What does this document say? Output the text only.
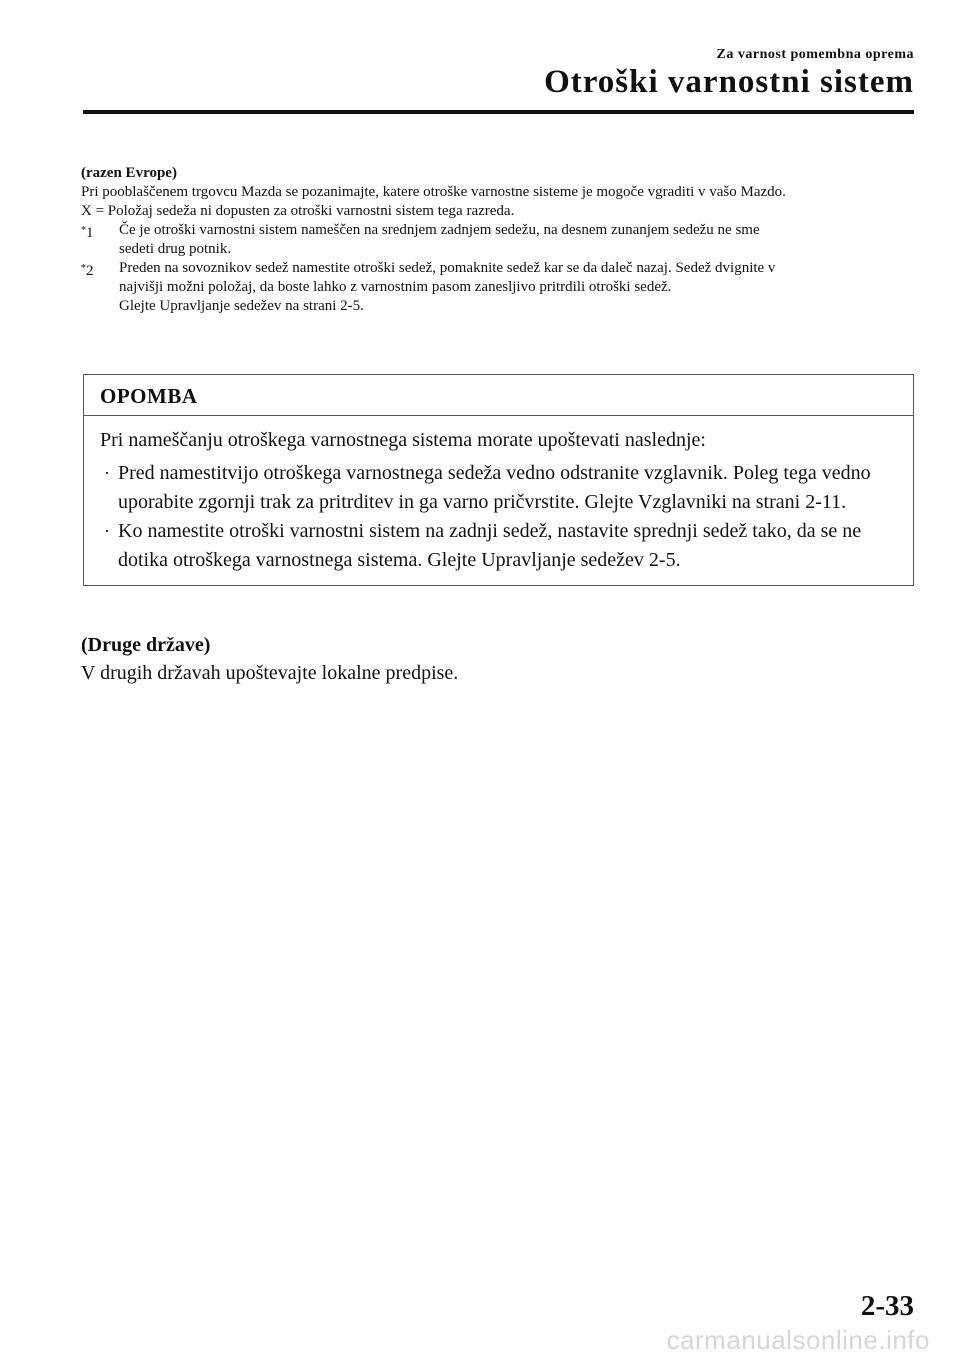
Za varnost pomembna oprema
Otroški varnostni sistem

(razen Evrope)

Pri pooblaščenem trgovcu Mazda se pozanimajte, katere otroške varnostne sisteme je mogoče vgraditi v vašo Mazdo.

X = Položaj sedeža ni dopusten za otroški varnostni sistem tega razreda.

*1 Če je otroški varnostni sistem nameščen na srednjem zadnjem sedežu, na desnem zunanjem sedežu ne sme
sedeti drug potnik.
*2 Preden na sovoznikov sedež namestite otroški sedež, pomaknite sedež kar se da daleč nazaj. Sedež dvignite v
najvišji možni položaj, da boste lahko z varnostnim pasom zanesljivo pritrdili otroški sedež.
Glejte Upravljanje sedežev na strani 2-5.
OPOMBA

Pri nameščanju otroškega varnostnega sistema morate upoštevati naslednje:

· Pred namestitvijo otroškega varnostnega sedeža vedno odstranite vzglavnik. Poleg tega vedno uporabite zgornji trak za pritrditev in ga varno pričvrstite. Glejte Vzglavniki na strani 2-11.
· Ko namestite otroški varnostni sistem na zadnji sedež, nastavite sprednji sedež tako, da se ne dotika otroškega varnostnega sistema. Glejte Upravljanje sedežev 2-5.
(Druge države)
V drugih državah upoštevajte lokalne predpise.
2-33
carmanualsonline.info
